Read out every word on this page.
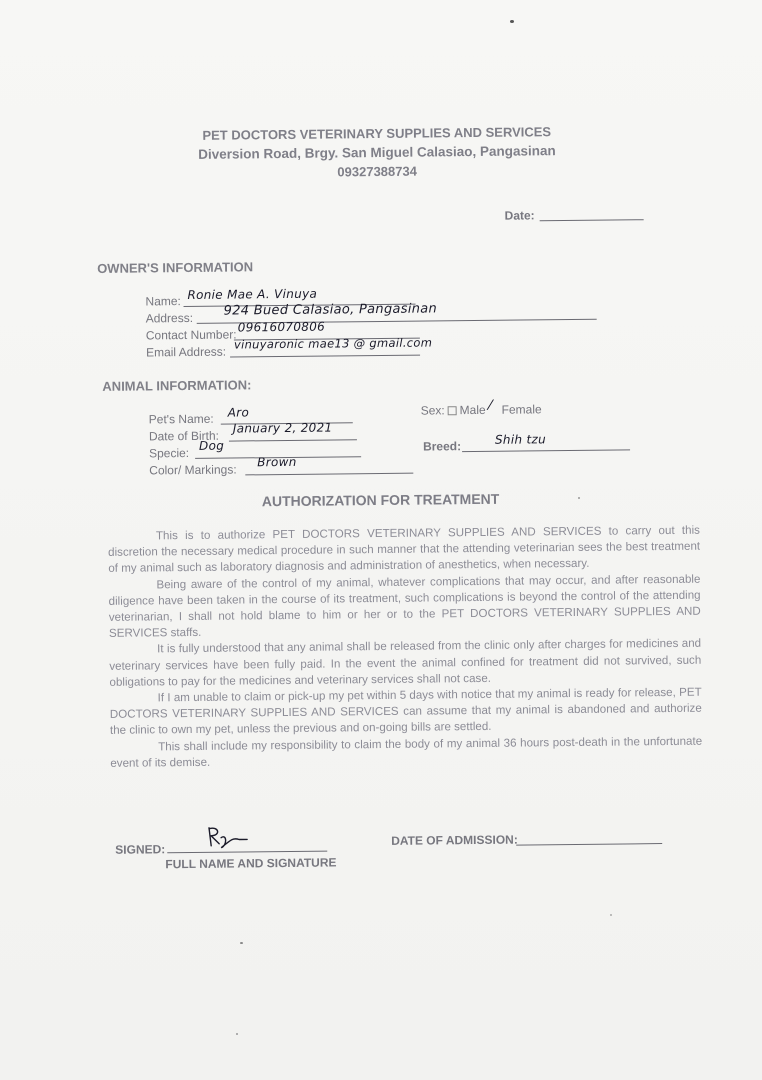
PET DOCTORS VETERINARY SUPPLIES AND SERVICES
Diversion Road, Brgy. San Miguel Calasiao, Pangasinan
09327388734
Date:
OWNER'S INFORMATION
Name: Ronie Mae A. Vinuya
Address: 924 Bued Calasiao, Pangasinan
Contact Number:
09616070806
Email Address:
vinuyaronic mae13 @ gmail.com
ANIMAL INFORMATION:
Pet's Name: Aro
Date of Birth:
January 2, 2021
Specie:
Dog
Color/ Markings:
Brown
Sex: Male ∕ Female
Breed:	Shih tzu
AUTHORIZATION FOR TREATMENT

This is to authorize PET DOCTORS VETERINARY SUPPLIES AND SERVICES to carry out this discretion the necessary medical procedure in such manner that the attending veterinarian sees the best treatment of my animal such as laboratory diagnosis and administration of anesthetics, when necessary.

Being aware of the control of my animal, whatever complications that may occur, and after reasonable diligence have been taken in the course of its treatment, such complications is beyond the control of the attending veterinarian, I shall not hold blame to him or her or to the PET DOCTORS VETERINARY SUPPLIES AND SERVICES staffs.

It is fully understood that any animal shall be released from the clinic only after charges for medicines and veterinary services have been fully paid. In the event the animal confined for treatment did not survived, such obligations to pay for the medicines and veterinary services shall not case.

If I am unable to claim or pick-up my pet within 5 days with notice that my animal is ready for release, PET DOCTORS VETERINARY SUPPLIES AND SERVICES can assume that my animal is abandoned and authorize the clinic to own my pet, unless the previous and on-going bills are settled.

This shall include my responsibility to claim the body of my animal 36 hours post-death in the unfortunate event of its demise.

SIGNED:
FULL NAME AND SIGNATURE
DATE OF ADMISSION:
